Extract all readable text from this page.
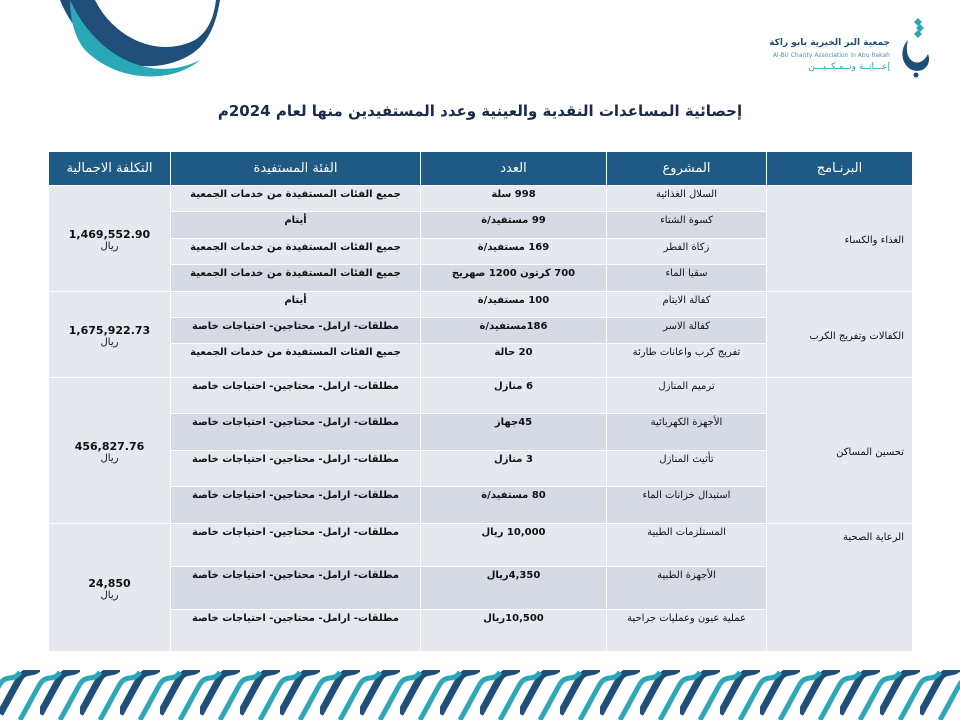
جمعية البر الخيرية بابو راكة
Al-Bir Charity Association in Abu Rakah
إعـــانــة وتــمـكــيـــن
إحصائية المساعدات النقدية والعينية وعدد المستفيدين منها لعام 2024م
البرنـامج	المشروع	العدد	الفئة المستفيدة	التكلفة الاجمالية
الغذاء والكساء	السلال الغذائية	998 سلة	جميع الفئات المستفيدة من خدمات الجمعية	1,469,552.90
ريال

	كسوة الشتاء	99 مستفيد/ة	أيتام	
	زكاة الفطر	169 مستفيد/ة	جميع الفئات المستفيدة من خدمات الجمعية	
	سقيا الماء	700 كرتون 1200 صهريج	جميع الفئات المستفيدة من خدمات الجمعية	
الكفالات وتفريج الكرب	كفالة الايتام	100 مستفيد/ة	أيتام	1,675,922.73
ريال

	كفالة الاسر	186مستفيد/ة	مطلقات- ارامل- محتاجين- احتياجات خاصة	
	تفريج كرب واعانات طارئة	20 حالة	جميع الفئات المستفيدة من خدمات الجمعية	
تحسين المساكن	ترميم المنازل	6 منازل	مطلقات- ارامل- محتاجين- احتياجات خاصة	456,827.76
ريال

	الأجهزة الكهربائية	45جهاز	مطلقات- ارامل- محتاجين- احتياجات خاصة	
	تأثيث المنازل	3 منازل	مطلقات- ارامل- محتاجين- احتياجات خاصة	
	استبدال خزانات الماء	80 مستفيد/ة	مطلقات- ارامل- محتاجين- احتياجات خاصة	
الرعاية الصحية	المستلزمات الطبية	10,000 ريال	مطلقات- ارامل- محتاجين- احتياجات خاصة	24,850
ريال

	الأجهزة الطبية	4,350ريال	مطلقات- ارامل- محتاجين- احتياجات خاصة	
	عملية عيون وعمليات جراحية	10,500ريال	مطلقات- ارامل- محتاجين- احتياجات خاصة	
